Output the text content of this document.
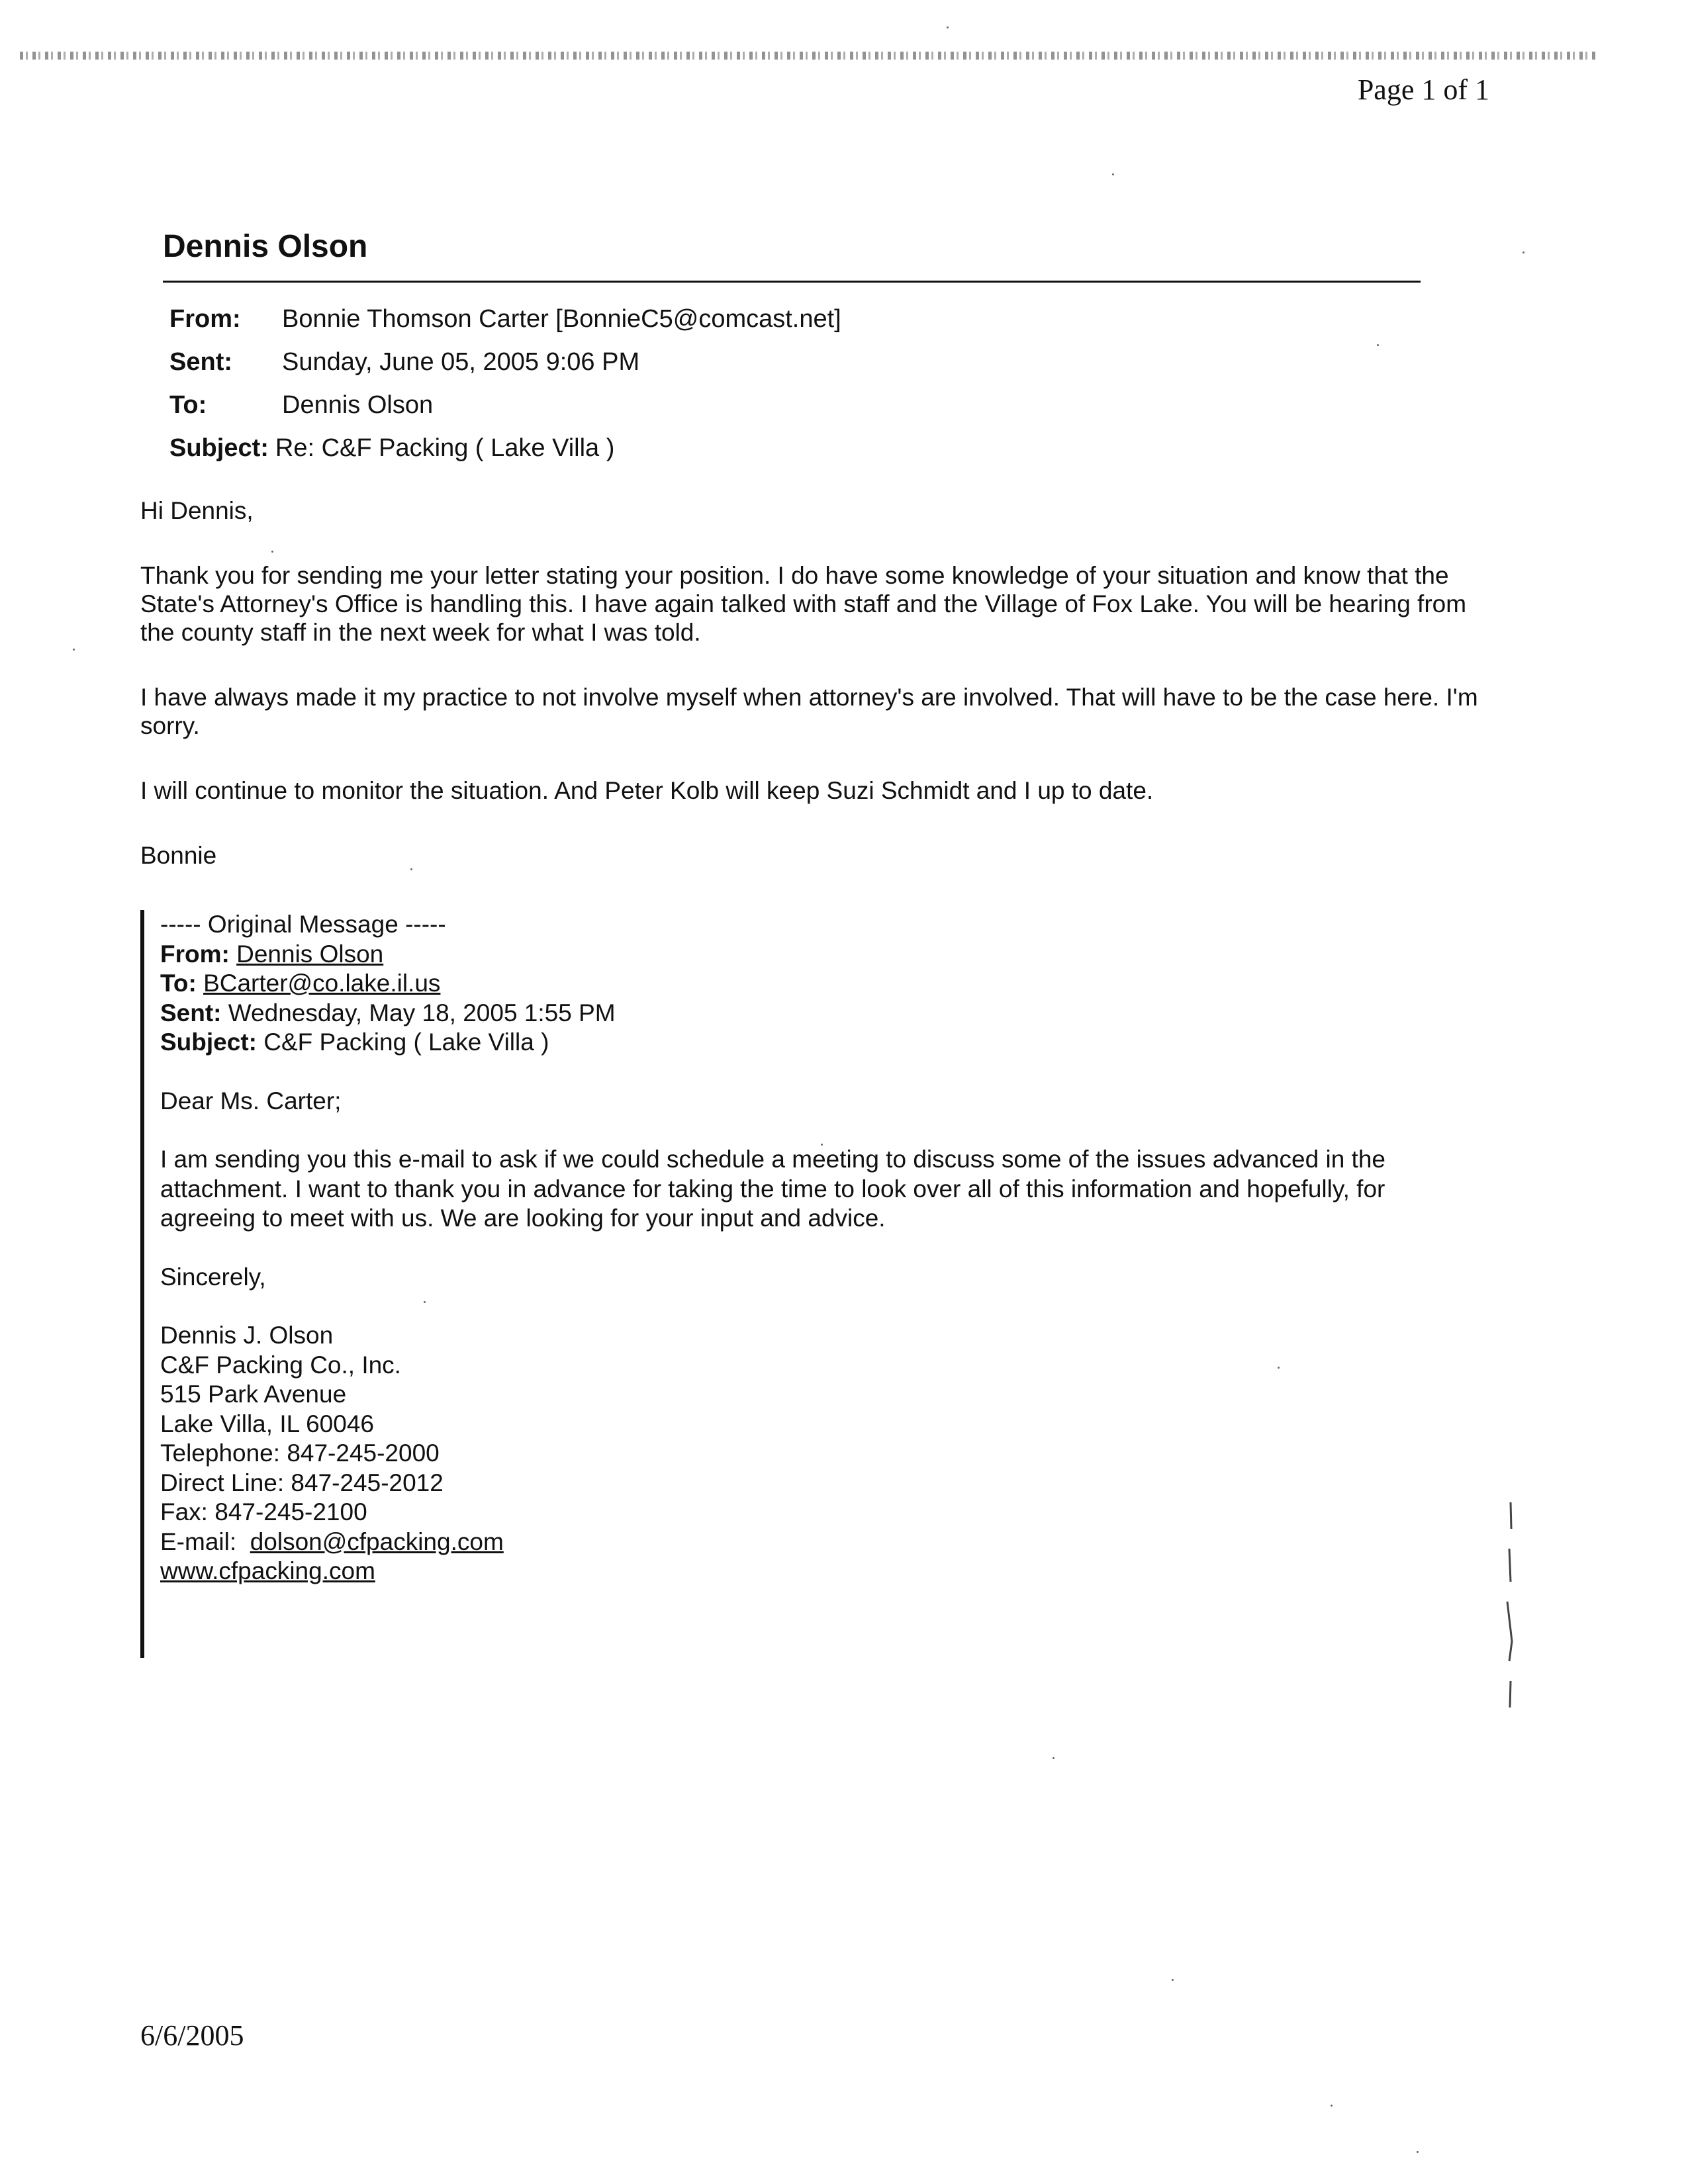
Page 1 of 1
Dennis Olson
From:	Bonnie Thomson Carter [BonnieC5@comcast.net]
Sent:	Sunday, June 05, 2005 9:06 PM
To:	Dennis Olson
Subject: Re: C&F Packing ( Lake Villa )

Hi Dennis,

Thank you for sending me your letter stating your position. I do have some knowledge of your situation and know that the State's Attorney's Office is handling this. I have again talked with staff and the Village of Fox Lake. You will be hearing from the county staff in the next week for what I was told.

I have always made it my practice to not involve myself when attorney's are involved. That will have to be the case here. I'm sorry.

I will continue to monitor the situation. And Peter Kolb will keep Suzi Schmidt and I up to date.

Bonnie

----- Original Message -----
From: Dennis Olson
To: BCarter@co.lake.il.us
Sent: Wednesday, May 18, 2005 1:55 PM
Subject: C&F Packing ( Lake Villa )
Dear Ms. Carter;

I am sending you this e-mail to ask if we could schedule a meeting to discuss some of the issues advanced in the attachment. I want to thank you in advance for taking the time to look over all of this information and hopefully, for agreeing to meet with us. We are looking for your input and advice.

Sincerely,
Dennis J. Olson
C&F Packing Co., Inc.
515 Park Avenue
Lake Villa, IL 60046
Telephone: 847-245-2000
Direct Line: 847-245-2012
Fax: 847-245-2100
E-mail: dolson@cfpacking.com
www.cfpacking.com
6/6/2005
